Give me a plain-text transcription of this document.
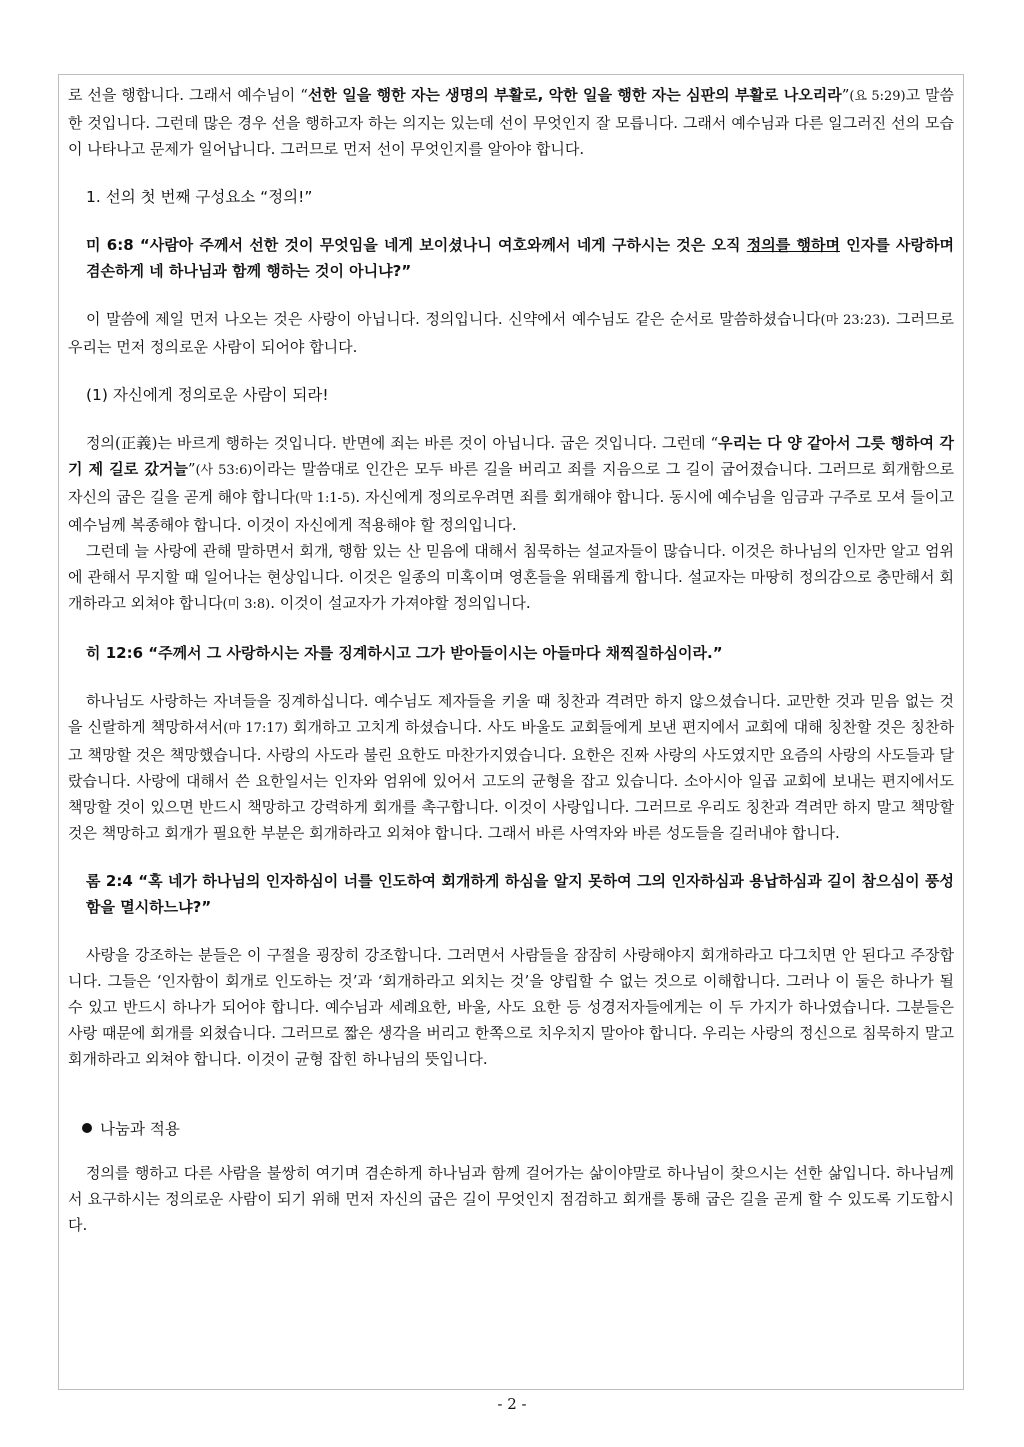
로 선을 행합니다. 그래서 예수님이 “선한 일을 행한 자는 생명의 부활로, 악한 일을 행한 자는 심판의 부활로 나오리라”(요 5:29)고 말씀한 것입니다. 그런데 많은 경우 선을 행하고자 하는 의지는 있는데 선이 무엇인지 잘 모릅니다. 그래서 예수님과 다른 일그러진 선의 모습이 나타나고 문제가 일어납니다. 그러므로 먼저 선이 무엇인지를 알아야 합니다.

1. 선의 첫 번째 구성요소 “정의!”

미 6:8 “사람아 주께서 선한 것이 무엇임을 네게 보이셨나니 여호와께서 네게 구하시는 것은 오직 정의를 행하며 인자를 사랑하며 겸손하게 네 하나님과 함께 행하는 것이 아니냐?”

이 말씀에 제일 먼저 나오는 것은 사랑이 아닙니다. 정의입니다. 신약에서 예수님도 같은 순서로 말씀하셨습니다(마 23:23). 그러므로 우리는 먼저 정의로운 사람이 되어야 합니다.

(1) 자신에게 정의로운 사람이 되라!

정의(正義)는 바르게 행하는 것입니다. 반면에 죄는 바른 것이 아닙니다. 굽은 것입니다. 그런데 “우리는 다 양 같아서 그릇 행하여 각기 제 길로 갔거늘”(사 53:6)이라는 말씀대로 인간은 모두 바른 길을 버리고 죄를 지음으로 그 길이 굽어졌습니다. 그러므로 회개함으로 자신의 굽은 길을 곧게 해야 합니다(막 1:1-5). 자신에게 정의로우려면 죄를 회개해야 합니다. 동시에 예수님을 임금과 구주로 모셔 들이고 예수님께 복종해야 합니다. 이것이 자신에게 적용해야 할 정의입니다.

그런데 늘 사랑에 관해 말하면서 회개, 행함 있는 산 믿음에 대해서 침묵하는 설교자들이 많습니다. 이것은 하나님의 인자만 알고 엄위에 관해서 무지할 때 일어나는 현상입니다. 이것은 일종의 미혹이며 영혼들을 위태롭게 합니다. 설교자는 마땅히 정의감으로 충만해서 회개하라고 외쳐야 합니다(미 3:8). 이것이 설교자가 가져야할 정의입니다.

히 12:6 “주께서 그 사랑하시는 자를 징계하시고 그가 받아들이시는 아들마다 채찍질하심이라.”

하나님도 사랑하는 자녀들을 징계하십니다. 예수님도 제자들을 키울 때 칭찬과 격려만 하지 않으셨습니다. 교만한 것과 믿음 없는 것을 신랄하게 책망하셔서(마 17:17) 회개하고 고치게 하셨습니다. 사도 바울도 교회들에게 보낸 편지에서 교회에 대해 칭찬할 것은 칭찬하고 책망할 것은 책망했습니다. 사랑의 사도라 불린 요한도 마찬가지였습니다. 요한은 진짜 사랑의 사도였지만 요즘의 사랑의 사도들과 달랐습니다. 사랑에 대해서 쓴 요한일서는 인자와 엄위에 있어서 고도의 균형을 잡고 있습니다. 소아시아 일곱 교회에 보내는 편지에서도 책망할 것이 있으면 반드시 책망하고 강력하게 회개를 촉구합니다. 이것이 사랑입니다. 그러므로 우리도 칭찬과 격려만 하지 말고 책망할 것은 책망하고 회개가 필요한 부분은 회개하라고 외쳐야 합니다. 그래서 바른 사역자와 바른 성도들을 길러내야 합니다.

롬 2:4 “혹 네가 하나님의 인자하심이 너를 인도하여 회개하게 하심을 알지 못하여 그의 인자하심과 용납하심과 길이 참으심이 풍성함을 멸시하느냐?”

사랑을 강조하는 분들은 이 구절을 굉장히 강조합니다. 그러면서 사람들을 잠잠히 사랑해야지 회개하라고 다그치면 안 된다고 주장합니다. 그들은 ‘인자함이 회개로 인도하는 것’과 ‘회개하라고 외치는 것’을 양립할 수 없는 것으로 이해합니다. 그러나 이 둘은 하나가 될 수 있고 반드시 하나가 되어야 합니다. 예수님과 세례요한, 바울, 사도 요한 등 성경저자들에게는 이 두 가지가 하나였습니다. 그분들은 사랑 때문에 회개를 외쳤습니다. 그러므로 짧은 생각을 버리고 한쪽으로 치우치지 말아야 합니다. 우리는 사랑의 정신으로 침묵하지 말고 회개하라고 외쳐야 합니다. 이것이 균형 잡힌 하나님의 뜻입니다.

나눔과 적용

정의를 행하고 다른 사람을 불쌍히 여기며 겸손하게 하나님과 함께 걸어가는 삶이야말로 하나님이 찾으시는 선한 삶입니다. 하나님께서 요구하시는 정의로운 사람이 되기 위해 먼저 자신의 굽은 길이 무엇인지 점검하고 회개를 통해 굽은 길을 곧게 할 수 있도록 기도합시다.

- 2 -
